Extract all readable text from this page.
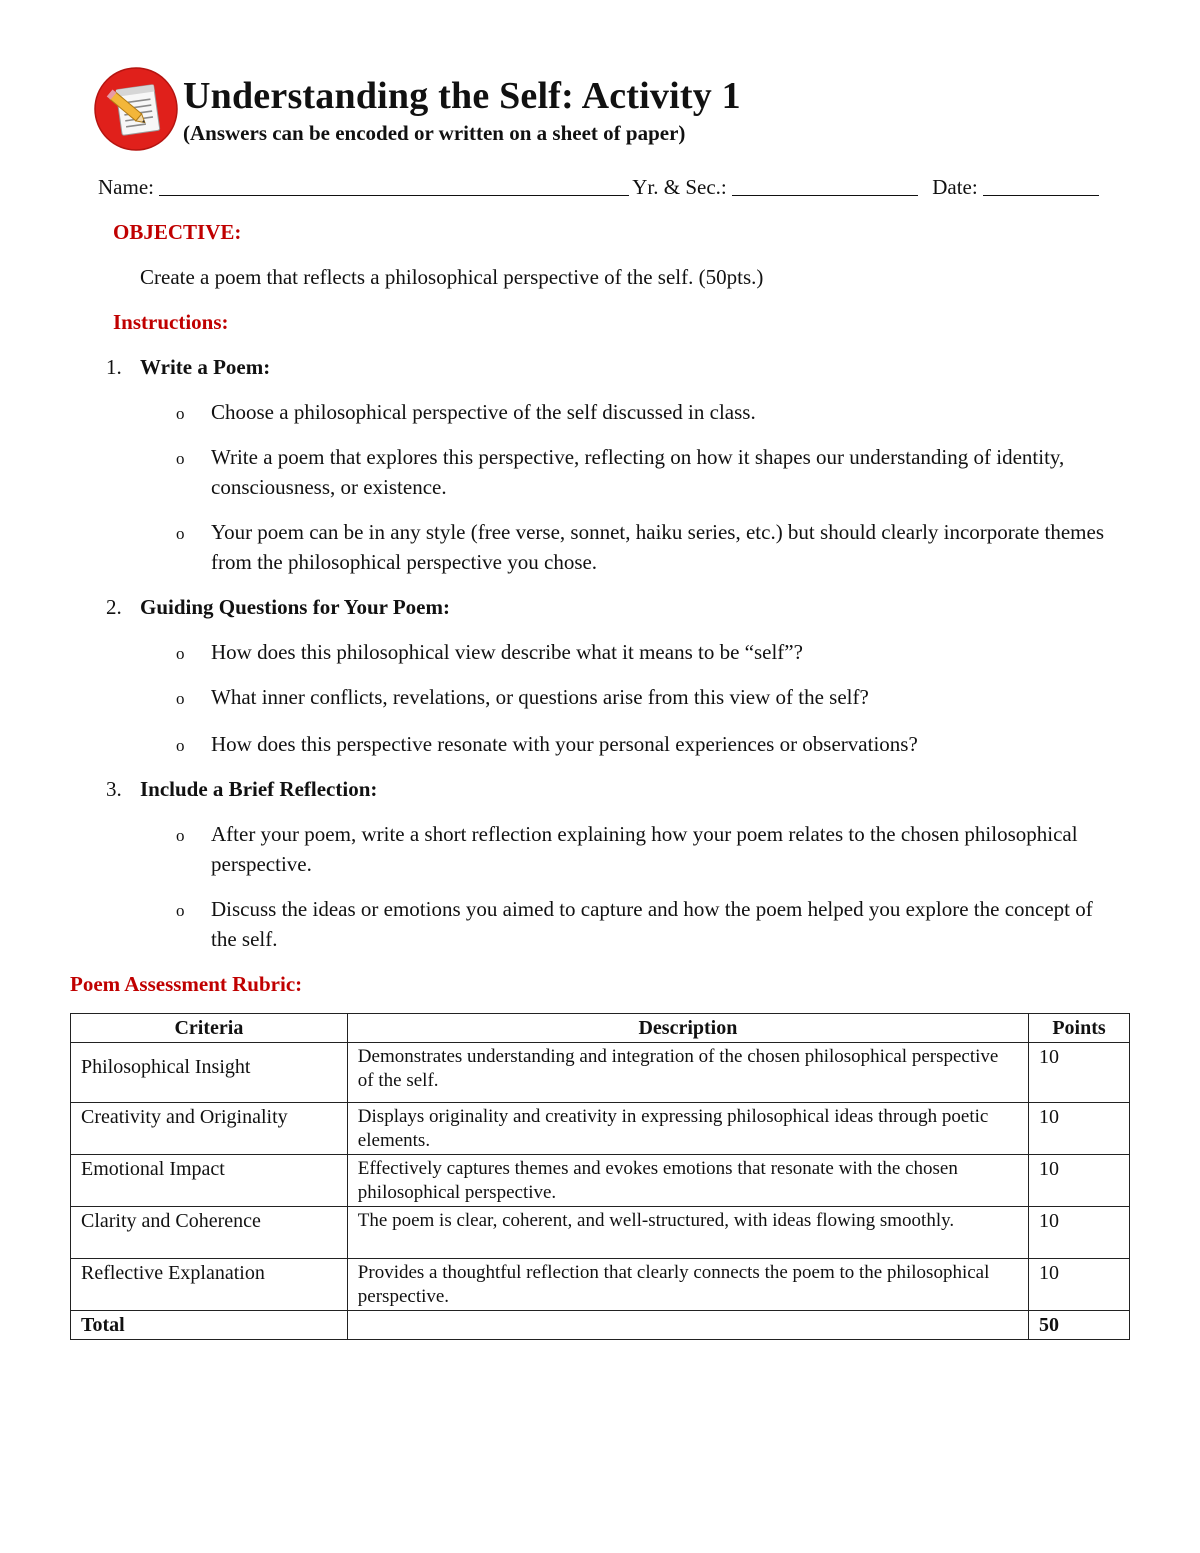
Understanding the Self: Activity 1
(Answers can be encoded or written on a sheet of paper)
Name:	Yr. & Sec.:	Date:
OBJECTIVE:
Create a poem that reflects a philosophical perspective of the self. (50pts.)
Instructions:
1. Write a Poem:
o Choose a philosophical perspective of the self discussed in class.
o Write a poem that explores this perspective, reflecting on how it shapes our understanding of identity, consciousness, or existence.
o Your poem can be in any style (free verse, sonnet, haiku series, etc.) but should clearly incorporate themes from the philosophical perspective you chose.
2. Guiding Questions for Your Poem:
o How does this philosophical view describe what it means to be “self”?
o What inner conflicts, revelations, or questions arise from this view of the self?
o How does this perspective resonate with your personal experiences or observations?
3. Include a Brief Reflection:
o After your poem, write a short reflection explaining how your poem relates to the chosen philosophical perspective.
o Discuss the ideas or emotions you aimed to capture and how the poem helped you explore the concept of the self.
Poem Assessment Rubric:
Criteria	Description	Points
Philosophical Insight	Demonstrates understanding and integration of the chosen philosophical perspective of the self.	10
Creativity and Originality	Displays originality and creativity in expressing philosophical ideas through poetic elements.	10
Emotional Impact	Effectively captures themes and evokes emotions that resonate with the chosen philosophical perspective.	10
Clarity and Coherence	The poem is clear, coherent, and well-structured, with ideas flowing smoothly.	10
Reflective Explanation	Provides a thoughtful reflection that clearly connects the poem to the philosophical perspective.	10
Total		50
